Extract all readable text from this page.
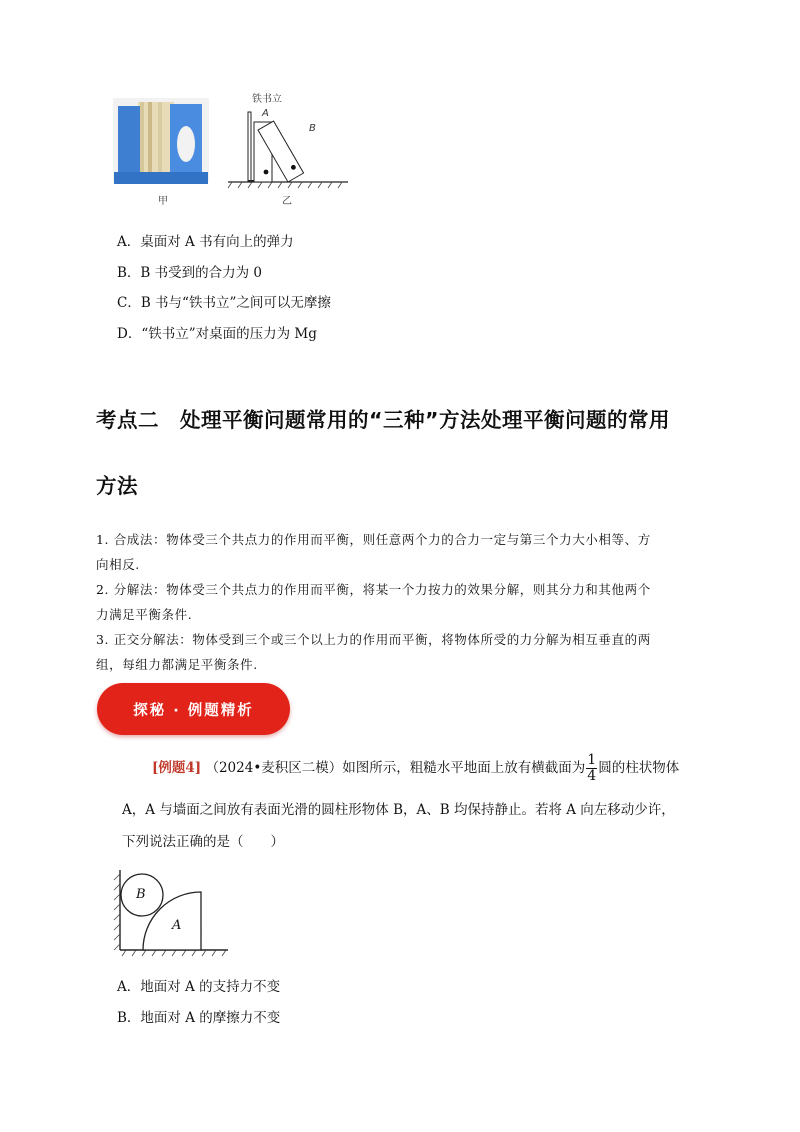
甲
铁书立
A
B
乙
A．桌面对 A 书有向上的弹力
B．B 书受到的合力为 0
C．B 书与“铁书立”之间可以无摩擦
D．“铁书立”对桌面的压力为 Mg
考点二　处理平衡问题常用的“三种”方法处理平衡问题的常用
方法
1. 合成法：物体受三个共点力的作用而平衡，则任意两个力的合力一定与第三个力大小相等、方
向相反.
2. 分解法：物体受三个共点力的作用而平衡，将某一个力按力的效果分解，则其分力和其他两个
力满足平衡条件.
3. 正交分解法：物体受到三个或三个以上力的作用而平衡，将物体所受的力分解为相互垂直的两
组，每组力都满足平衡条件.
探秘 · 例题精析
[例题4] （2024•麦积区二模）如图所示，粗糙水平地面上放有横截面为 $\frac{1}{4}$ 圆的柱状物体
A，A 与墙面之间放有表面光滑的圆柱形物体 B，A、B 均保持静止。若将 A 向左移动少许，
下列说法正确的是（　　）
B
A
A．地面对 A 的支持力不变
B．地面对 A 的摩擦力不变
